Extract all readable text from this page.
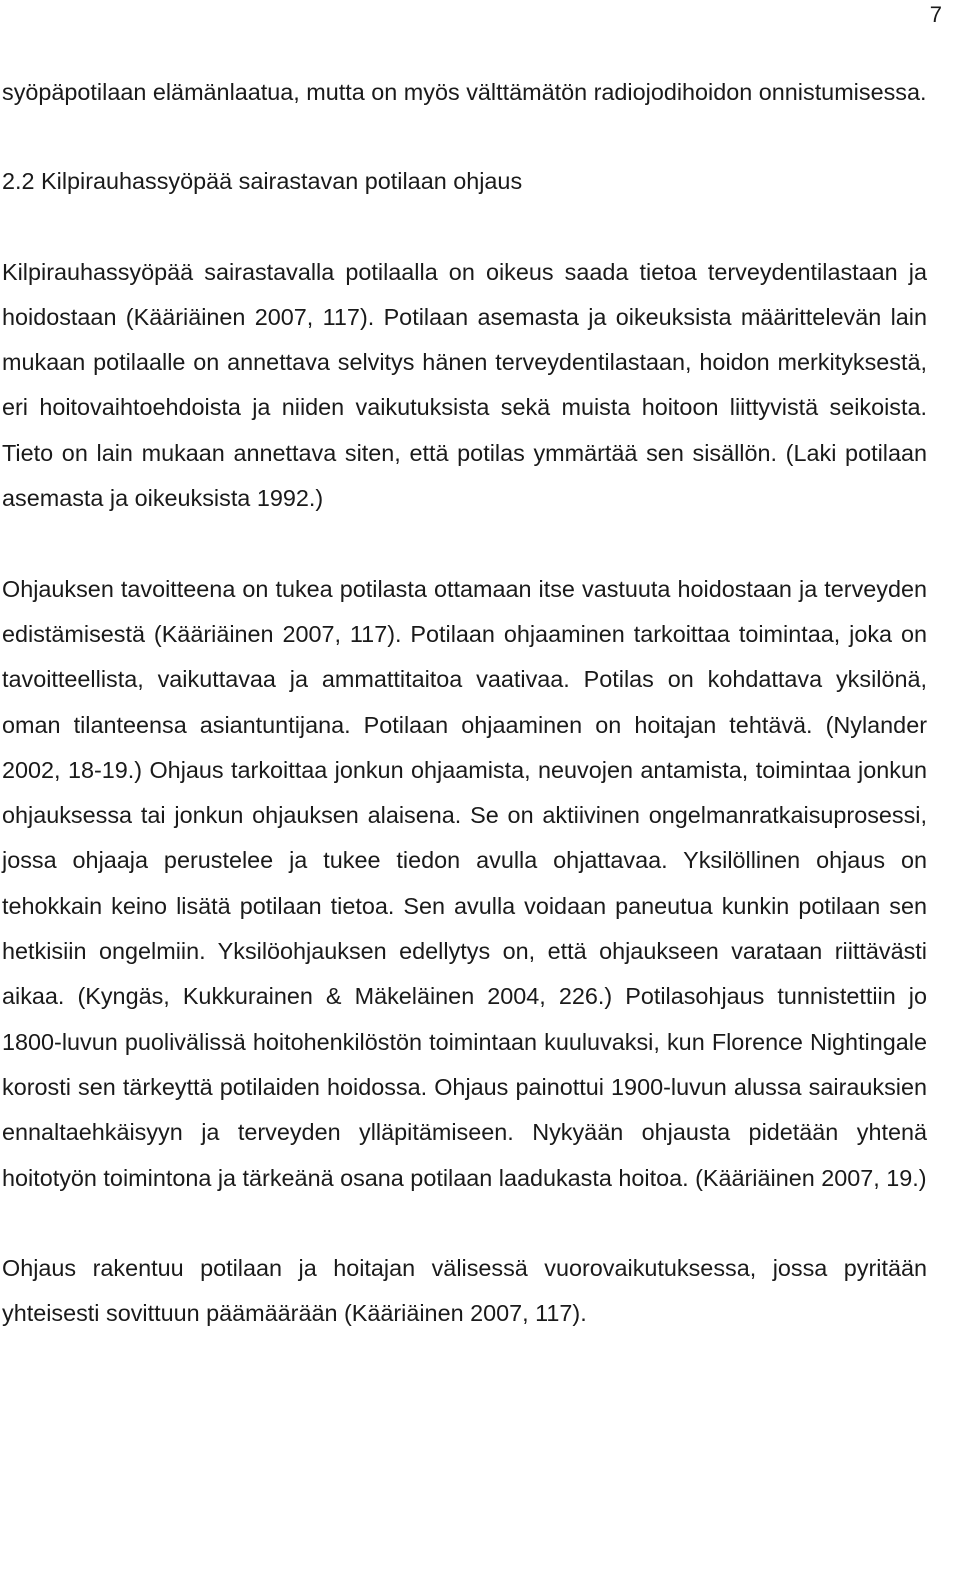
7

syöpäpotilaan elämänlaatua, mutta on myös välttämätön radiojodihoidon onnistumisessa.

2.2 Kilpirauhassyöpää sairastavan potilaan ohjaus

Kilpirauhassyöpää sairastavalla potilaalla on oikeus saada tietoa terveydentilastaan ja hoidostaan (Kääriäinen 2007, 117). Potilaan asemasta ja oikeuksista määrittelevän lain mukaan potilaalle on annettava selvitys hänen terveydentilastaan, hoidon merkityksestä, eri hoitovaihtoehdoista ja niiden vaikutuksista sekä muista hoitoon liittyvistä seikoista. Tieto on lain mukaan annettava siten, että potilas ymmärtää sen sisällön. (Laki potilaan asemasta ja oikeuksista 1992.)

Ohjauksen tavoitteena on tukea potilasta ottamaan itse vastuuta hoidostaan ja terveyden edistämisestä (Kääriäinen 2007, 117). Potilaan ohjaaminen tarkoittaa toimintaa, joka on tavoitteellista, vaikuttavaa ja ammattitaitoa vaativaa. Potilas on kohdattava yksilönä, oman tilanteensa asiantuntijana. Potilaan ohjaaminen on hoitajan tehtävä. (Nylander 2002, 18-19.) Ohjaus tarkoittaa jonkun ohjaamista, neuvojen antamista, toimintaa jonkun ohjauksessa tai jonkun ohjauksen alaisena. Se on aktiivinen ongelmanratkaisuprosessi, jossa ohjaaja perustelee ja tukee tiedon avulla ohjattavaa. Yksilöllinen ohjaus on tehokkain keino lisätä potilaan tietoa. Sen avulla voidaan paneutua kunkin potilaan sen hetkisiin ongelmiin. Yksilöohjauksen edellytys on, että ohjaukseen varataan riittävästi aikaa. (Kyngäs, Kukkurainen & Mäkeläinen 2004, 226.) Potilasohjaus tunnistettiin jo 1800-luvun puolivälissä hoitohenkilöstön toimintaan kuuluvaksi, kun Florence Nightingale korosti sen tärkeyttä potilaiden hoidossa. Ohjaus painottui 1900-luvun alussa sairauksien ennaltaehkäisyyn ja terveyden ylläpitämiseen. Nykyään ohjausta pidetään yhtenä hoitotyön toimintona ja tärkeänä osana potilaan laadukasta hoitoa. (Kääriäinen 2007, 19.)

Ohjaus rakentuu potilaan ja hoitajan välisessä vuorovaikutuksessa, jossa pyritään yhteisesti sovittuun päämäärään (Kääriäinen 2007, 117).
